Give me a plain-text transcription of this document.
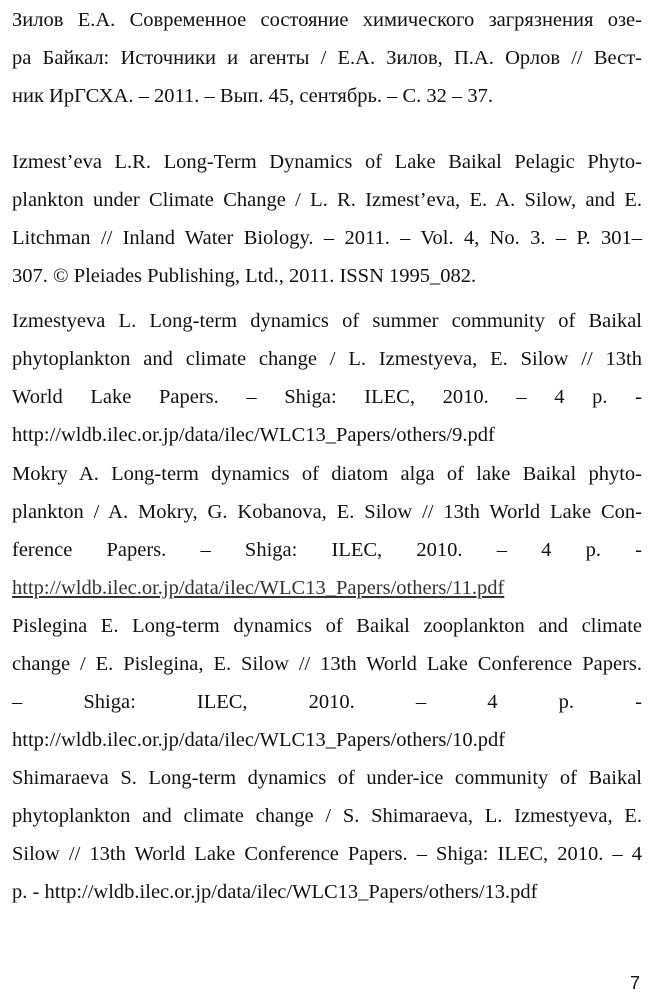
Зилов Е.А. Современное состояние химического загрязнения озе-
ра Байкал: Источники и агенты / Е.А. Зилов, П.А. Орлов // Вест-
ник ИрГСХА. – 2011. – Вып. 45, сентябрь. – С. 32 – 37.
Izmest’eva L.R. Long-Term Dynamics of Lake Baikal Pelagic Phyto-
plankton under Climate Change / L. R. Izmest’eva, E. A. Silow, and E.
Litchman // Inland Water Biology. – 2011. – Vol. 4, No. 3. – P. 301–
307. © Pleiades Publishing, Ltd., 2011. ISSN 1995_082.
Izmestyeva L. Long-term dynamics of summer community of Baikal
phytoplankton and climate change / L. Izmestyeva, E. Silow // 13th
World Lake Papers. – Shiga: ILEC, 2010. – 4 p. -
http://wldb.ilec.or.jp/data/ilec/WLC13_Papers/others/9.pdf
Mokry A. Long-term dynamics of diatom alga of lake Baikal phyto-
plankton / A. Mokry, G. Kobanova, E. Silow // 13th World Lake Con-
ference Papers. – Shiga: ILEC, 2010. – 4 p. -
http://wldb.ilec.or.jp/data/ilec/WLC13_Papers/others/11.pdf
Pislegina E. Long-term dynamics of Baikal zooplankton and climate
change / E. Pislegina, E. Silow // 13th World Lake Conference Papers.
– Shiga: ILEC, 2010. – 4 p. -
http://wldb.ilec.or.jp/data/ilec/WLC13_Papers/others/10.pdf
Shimaraeva S. Long-term dynamics of under-ice community of Baikal
phytoplankton and climate change / S. Shimaraeva, L. Izmestyeva, E.
Silow // 13th World Lake Conference Papers. – Shiga: ILEC, 2010. – 4
p. - http://wldb.ilec.or.jp/data/ilec/WLC13_Papers/others/13.pdf
7
